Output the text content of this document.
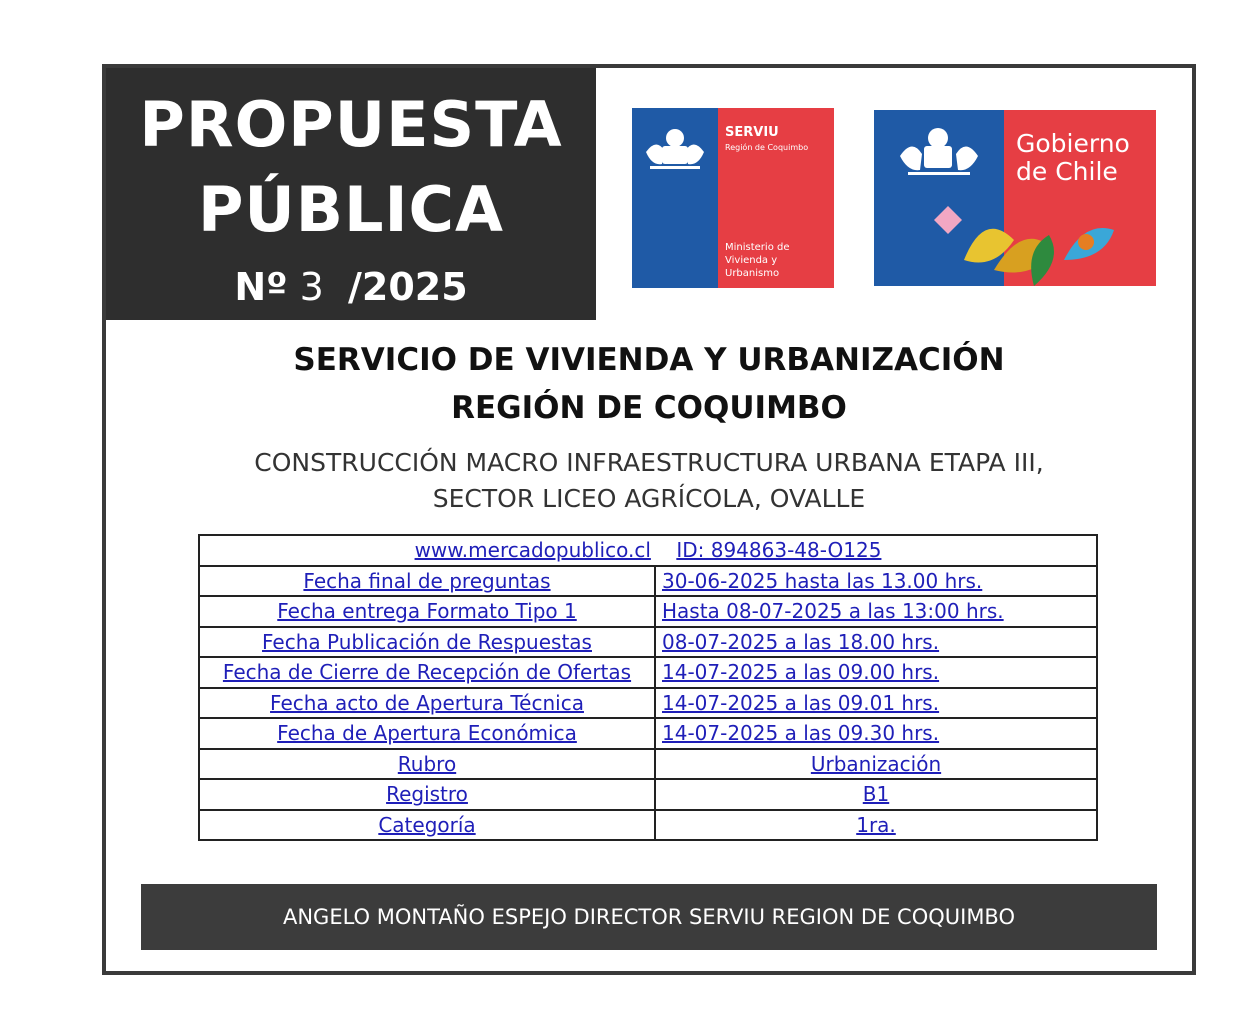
PROPUESTA
PÚBLICA
Nº 3 /2025
SERVIU
Región de Coquimbo
Ministerio de Vivienda y Urbanismo
Gobierno de Chile
SERVICIO DE VIVIENDA Y URBANIZACIÓN
REGIÓN DE COQUIMBO
CONSTRUCCIÓN MACRO INFRAESTRUCTURA URBANA ETAPA III,
SECTOR LICEO AGRÍCOLA, OVALLE
www.mercadopublico.cl ID: 894863-48-O125	
Fecha final de preguntas	30-06-2025 hasta las 13.00 hrs.
Fecha entrega Formato Tipo 1	Hasta 08-07-2025 a las 13:00 hrs.
Fecha Publicación de Respuestas	08-07-2025 a las 18.00 hrs.
Fecha de Cierre de Recepción de Ofertas	14-07-2025 a las 09.00 hrs.
Fecha acto de Apertura Técnica	14-07-2025 a las 09.01 hrs.
Fecha de Apertura Económica	14-07-2025 a las 09.30 hrs.
Rubro	Urbanización
Registro	B1
Categoría	1ra.
ANGELO MONTAÑO ESPEJO DIRECTOR SERVIU REGION DE COQUIMBO
